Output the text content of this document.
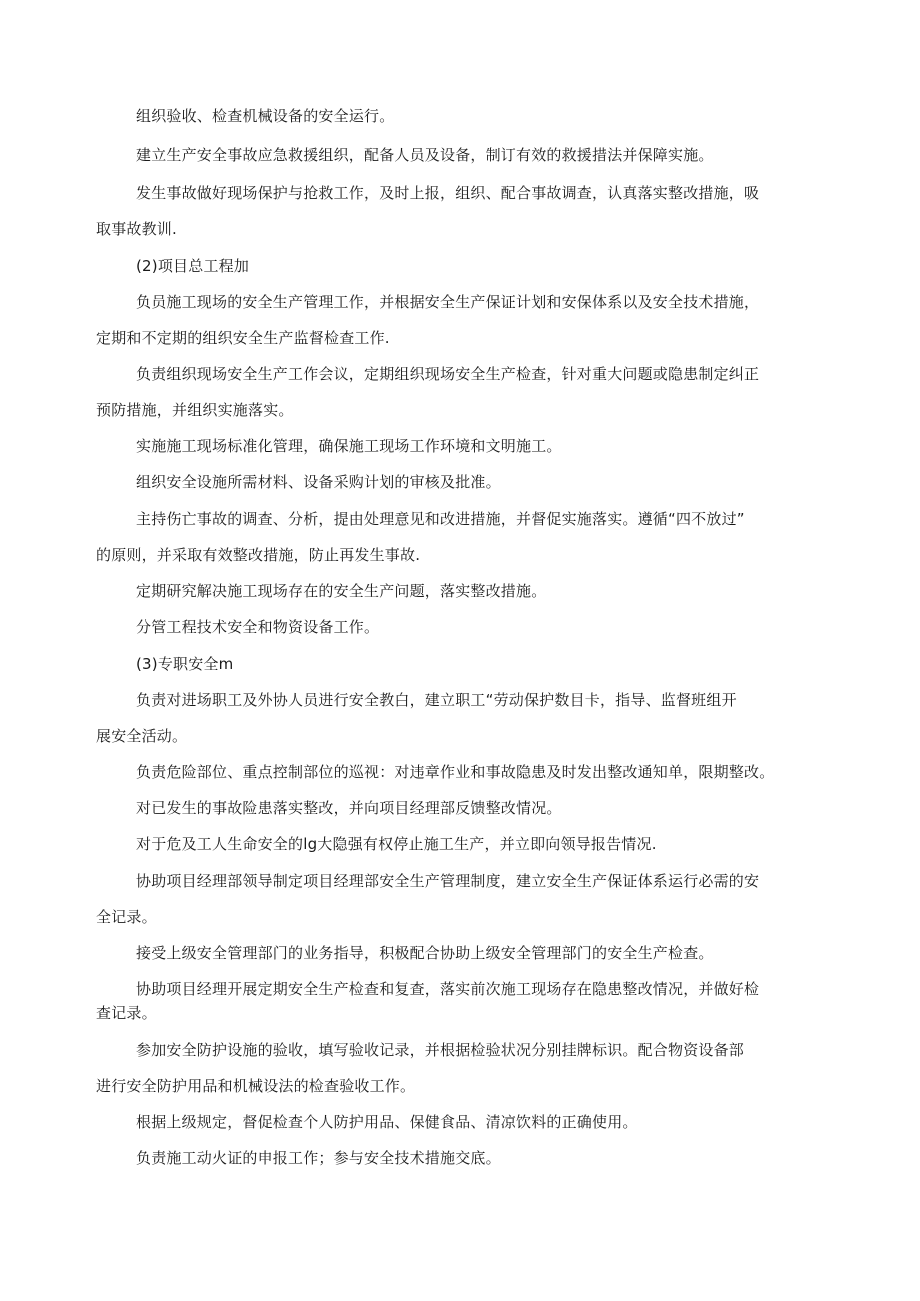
组织验收、检查机械设备的安全运行。
建立生产安全事故应急救援组织，配备人员及设备，制订有效的救援措法并保障实施。
发生事故做好现场保护与抢救工作，及时上报，组织、配合事故调查，认真落实整改措施，吸
取事故教训.
(2)项目总工程加
负员施工现场的安全生产管理工作，并根据安全生产保证计划和安保体系以及安全技术措施，
定期和不定期的组织安全生产监督检查工作.
负责组织现场安全生产工作会议，定期组织现场安全生产检查，针对重大问题或隐患制定纠正
预防措施，并组织实施落实。
实施施工现场标准化管理，确保施工现场工作环境和文明施工。
组织安全设施所需材料、设备采购计划的审核及批准。
主持伤亡事故的调查、分析，提由处理意见和改进措施，并督促实施落实。遵循“四不放过”
的原则，并采取有效整改措施，防止再发生事故.
定期研究解决施工现场存在的安全生产问题，落实整改措施。
分管工程技术安全和物资设备工作。
(3)专职安全m
负责对进场职工及外协人员进行安全教白，建立职工“劳动保护数目卡，指导、监督班组开
展安全活动。
负责危险部位、重点控制部位的巡视：对违章作业和事故隐患及时发出整改通知单，限期整改。
对已发生的事故险患落实整改，并向项目经理部反馈整改情况。
对于危及工人生命安全的lg大隐强有权停止施工生产，并立即向领导报告情况.
协助项目经理部领导制定项目经理部安全生产管理制度，建立安全生产保证体系运行必需的安
全记录。
接受上级安全管理部门的业务指导，积极配合协助上级安全管理部门的安全生产检查。
协助项目经理开展定期安全生产检查和复查，落实前次施工现场存在隐患整改情况，并做好检
查记录。
参加安全防护设施的验收，填写验收记录，并根据检验状况分别挂牌标识。配合物资设备部
进行安全防护用品和机械设法的检查验收工作。
根据上级规定，督促检查个人防护用品、保健食品、清凉饮料的正确使用。
负责施工动火证的申报工作；参与安全技术措施交底。
